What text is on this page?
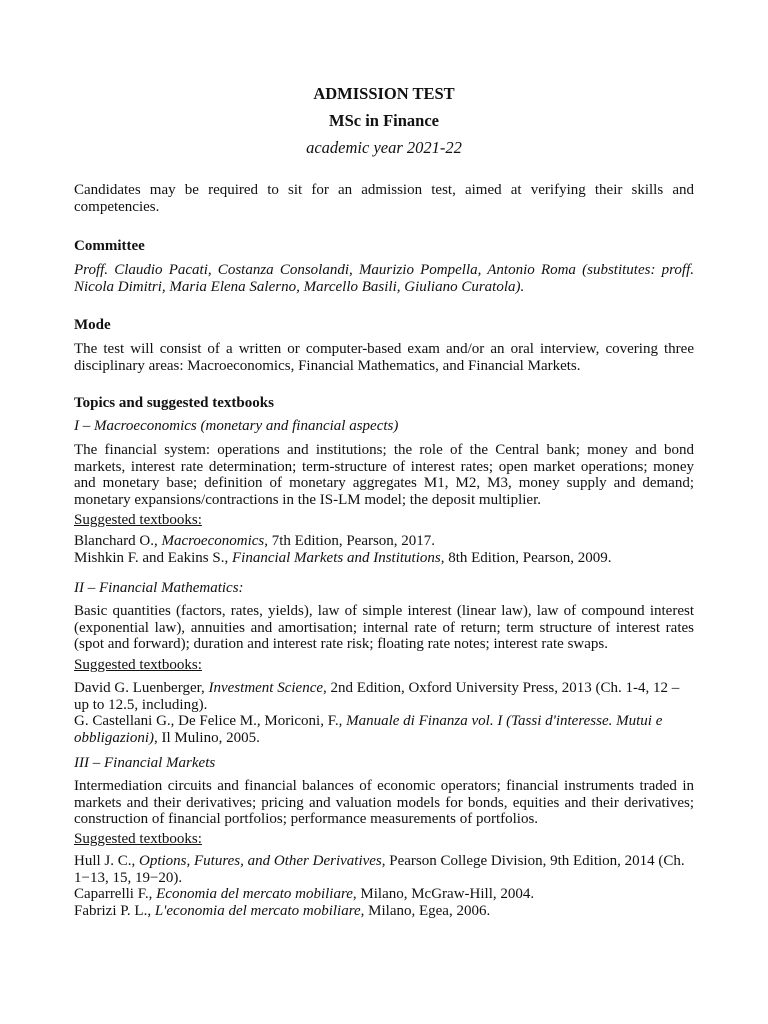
ADMISSION TEST
MSc in Finance
academic year 2021-22

Candidates may be required to sit for an admission test, aimed at verifying their skills and competencies.

Committee

Proff. Claudio Pacati, Costanza Consolandi, Maurizio Pompella, Antonio Roma (substitutes: proff. Nicola Dimitri, Maria Elena Salerno, Marcello Basili, Giuliano Curatola).

Mode

The test will consist of a written or computer-based exam and/or an oral interview, covering three disciplinary areas: Macroeconomics, Financial Mathematics, and Financial Markets.

Topics and suggested textbooks

I – Macroeconomics (monetary and financial aspects)

The financial system: operations and institutions; the role of the Central bank; money and bond markets, interest rate determination; term-structure of interest rates; open market operations; money and monetary base; definition of monetary aggregates M1, M2, M3, money supply and demand; monetary expansions/contractions in the IS-LM model; the deposit multiplier.

Suggested textbooks:

Blanchard O., Macroeconomics, 7th Edition, Pearson, 2017.

Mishkin F. and Eakins S., Financial Markets and Institutions, 8th Edition, Pearson, 2009.

II – Financial Mathematics:

Basic quantities (factors, rates, yields), law of simple interest (linear law), law of compound interest (exponential law), annuities and amortisation; internal rate of return; term structure of interest rates (spot and forward); duration and interest rate risk; floating rate notes; interest rate swaps.

Suggested textbooks:

David G. Luenberger, Investment Science, 2nd Edition, Oxford University Press, 2013 (Ch. 1-4, 12 – up to 12.5, including).

G. Castellani G., De Felice M., Moriconi, F., Manuale di Finanza vol. I (Tassi d'interesse. Mutui e obbligazioni), Il Mulino, 2005.

III – Financial Markets

Intermediation circuits and financial balances of economic operators; financial instruments traded in markets and their derivatives; pricing and valuation models for bonds, equities and their derivatives; construction of financial portfolios; performance measurements of portfolios.

Suggested textbooks:

Hull J. C., Options, Futures, and Other Derivatives, Pearson College Division, 9th Edition, 2014 (Ch. 1−13, 15, 19−20).

Caparrelli F., Economia del mercato mobiliare, Milano, McGraw-Hill, 2004.

Fabrizi P. L., L'economia del mercato mobiliare, Milano, Egea, 2006.
